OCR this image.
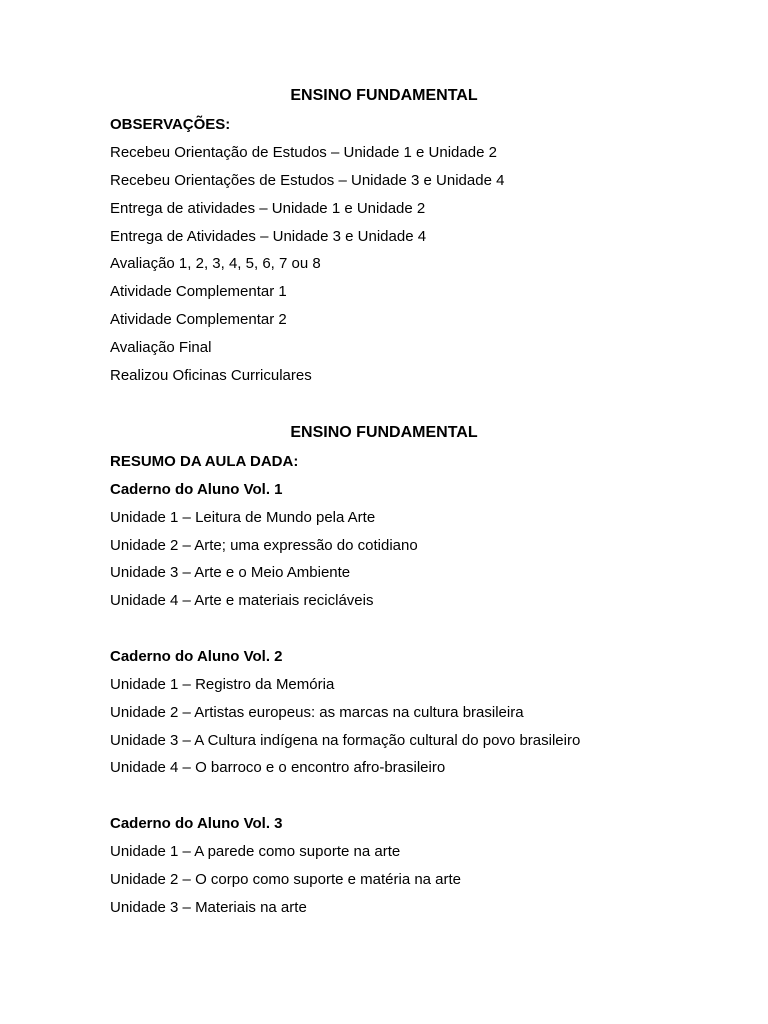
ENSINO FUNDAMENTAL
OBSERVAÇÕES:
Recebeu Orientação de Estudos – Unidade 1 e Unidade 2
Recebeu Orientações de Estudos – Unidade 3 e Unidade 4
Entrega de atividades – Unidade 1 e Unidade 2
Entrega de Atividades – Unidade 3 e Unidade 4
Avaliação 1, 2, 3, 4, 5, 6, 7 ou 8
Atividade Complementar 1
Atividade Complementar 2
Avaliação Final
Realizou Oficinas Curriculares
ENSINO FUNDAMENTAL
RESUMO DA AULA DADA:
Caderno do Aluno Vol. 1
Unidade 1 – Leitura de Mundo pela Arte
Unidade 2 – Arte; uma expressão do cotidiano
Unidade 3 – Arte e o Meio Ambiente
Unidade 4 – Arte e materiais recicláveis
Caderno do Aluno Vol. 2
Unidade 1 – Registro da Memória
Unidade 2 – Artistas europeus: as marcas na cultura brasileira
Unidade 3 – A Cultura indígena na formação cultural do povo brasileiro
Unidade 4 – O barroco e o encontro afro-brasileiro
Caderno do Aluno Vol. 3
Unidade 1 – A parede como suporte na arte
Unidade 2 – O corpo como suporte e matéria na arte
Unidade 3 – Materiais na arte
